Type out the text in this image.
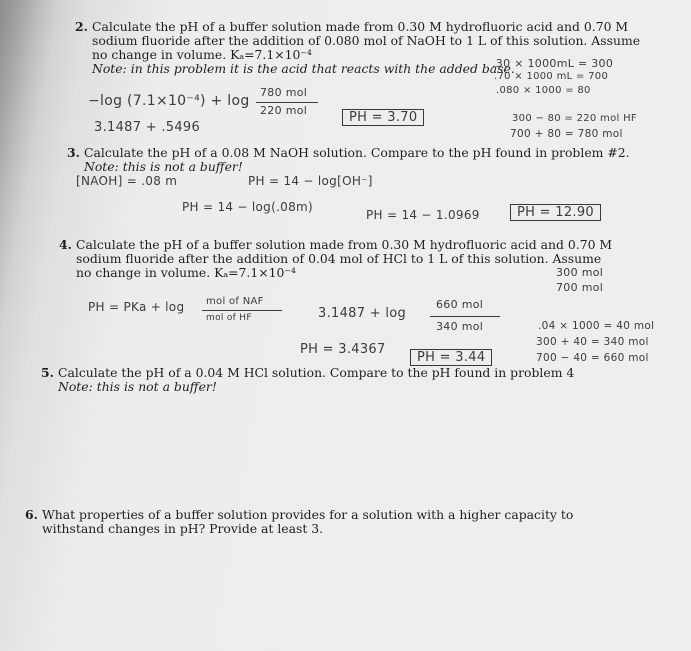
2. Calculate the pH of a buffer solution made from 0.30 M hydrofluoric acid and 0.70 M
sodium fluoride after the addition of 0.080 mol of NaOH to 1 L of this solution. Assume
no change in volume. Kₐ=7.1×10⁻⁴
Note: in this problem it is the acid that reacts with the added base.
.30 × 1000mL = 300
.70 × 1000 mL = 700
.080 × 1000 = 80
−log (7.1×10⁻⁴) + log
780 mol
220 mol	PH = 3.70
3.1487 + .5496
300 − 80 = 220 mol HF
700 + 80 = 780 mol
3. Calculate the pH of a 0.08 M NaOH solution. Compare to the pH found in problem #2.
Note: this is not a buffer!
[NAOH] = .08 m	PH = 14 − log[OH⁻]
PH = 14 − log(.08m)
PH = 14 − 1.0969	PH = 12.90
4. Calculate the pH of a buffer solution made from 0.30 M hydrofluoric acid and 0.70 M
sodium fluoride after the addition of 0.04 mol of HCl to 1 L of this solution. Assume
no change in volume. Kₐ=7.1×10⁻⁴	300 mol
700 mol
PH = PKa + log mol of NAF
mol of HF	3.1487 + log
660 mol
340 mol	.04 × 1000 = 40 mol
300 + 40 = 340 mol
700 − 40 = 660 mol
PH = 3.4367
PH = 3.44
5. Calculate the pH of a 0.04 M HCl solution. Compare to the pH found in problem 4
Note: this is not a buffer!
6. What properties of a buffer solution provides for a solution with a higher capacity to
withstand changes in pH? Provide at least 3.
